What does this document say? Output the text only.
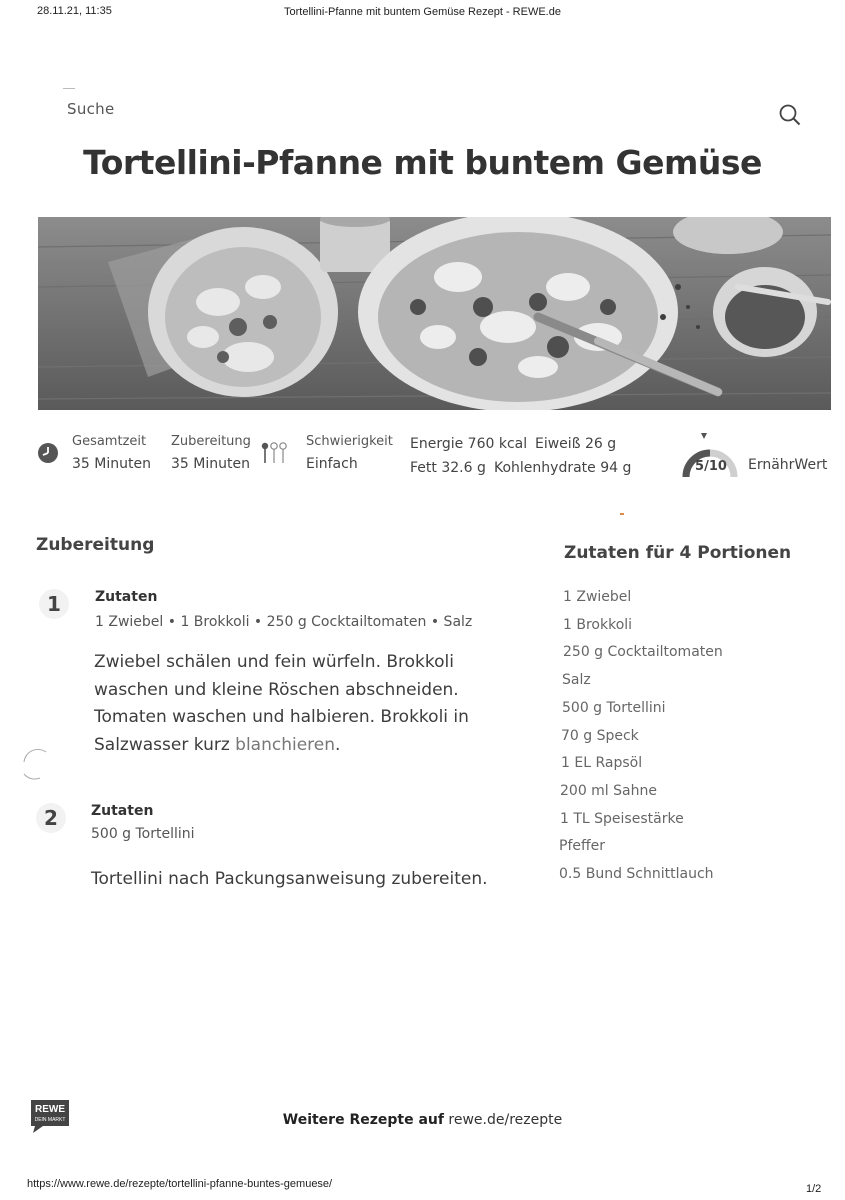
28.11.21, 11:35	Tortellini-Pfanne mit buntem Gemüse Rezept - REWE.de
Suche
Tortellini-Pfanne mit buntem Gemüse
Gesamtzeit
35 Minuten
Zubereitung
35 Minuten
Schwierigkeit
Einfach
Energie 760 kcal Eiweiß 26 g
Fett 32.6 g Kohlenhydrate 94 g	5/10	ErnährWert
Zubereitung
1	Zutaten
1 Zwiebel • 1 Brokkoli • 250 g Cocktailtomaten • Salz
Zwiebel schälen und fein würfeln. Brokkoli waschen und kleine Röschen abschneiden. Tomaten waschen und halbieren. Brokkoli in Salzwasser kurz blanchieren.
2	Zutaten
500 g Tortellini
Tortellini nach Packungsanweisung zubereiten.
Zutaten für 4 Portionen
1 Zwiebel
1 Brokkoli
250 g Cocktailtomaten
Salz
500 g Tortellini
70 g Speck
1 EL Rapsöl
200 ml Sahne
1 TL Speisestärke
Pfeffer
0.5 Bund Schnittlauch
REWE
DEIN MARKT	Weitere Rezepte auf rewe.de/rezepte
https://www.rewe.de/rezepte/tortellini-pfanne-buntes-gemuese/	1/2
